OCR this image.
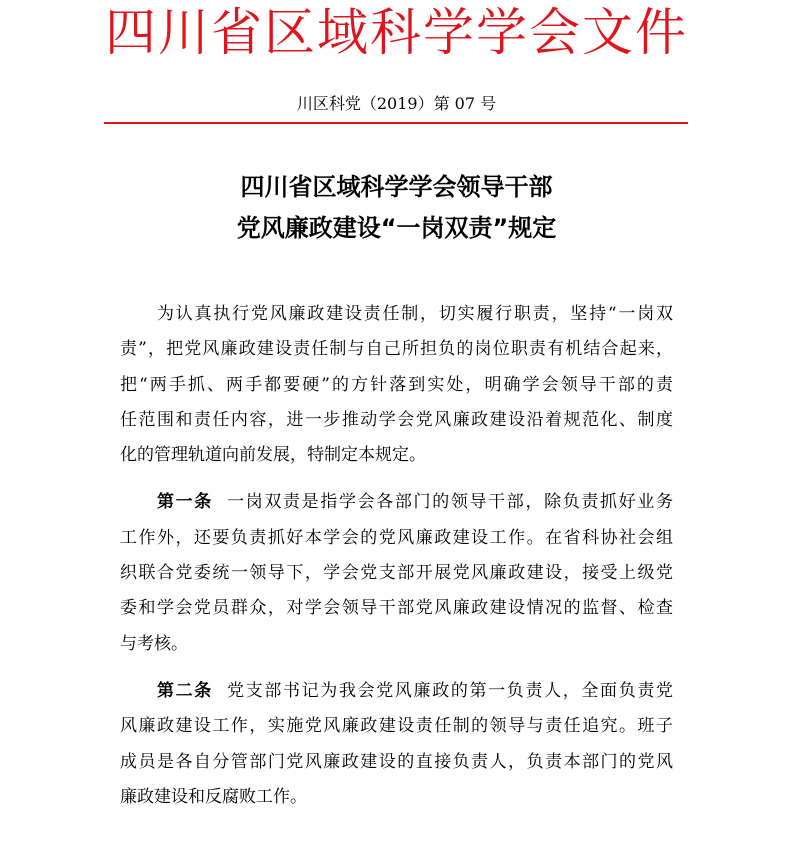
四川省区域科学学会文件
川区科党（2019）第 07 号
四川省区域科学学会领导干部
党风廉政建设“一岗双责”规定
为认真执行党风廉政建设责任制，切实履行职责，坚持“一岗双
责”，把党风廉政建设责任制与自己所担负的岗位职责有机结合起来，
把“两手抓、两手都要硬”的方针落到实处，明确学会领导干部的责
任范围和责任内容，进一步推动学会党风廉政建设沿着规范化、制度
化的管理轨道向前发展，特制定本规定。
第一条 一岗双责是指学会各部门的领导干部，除负责抓好业务
工作外，还要负责抓好本学会的党风廉政建设工作。在省科协社会组
织联合党委统一领导下，学会党支部开展党风廉政建设，接受上级党
委和学会党员群众，对学会领导干部党风廉政建设情况的监督、检查
与考核。
第二条 党支部书记为我会党风廉政的第一负责人，全面负责党
风廉政建设工作，实施党风廉政建设责任制的领导与责任追究。班子
成员是各自分管部门党风廉政建设的直接负责人，负责本部门的党风
廉政建设和反腐败工作。
